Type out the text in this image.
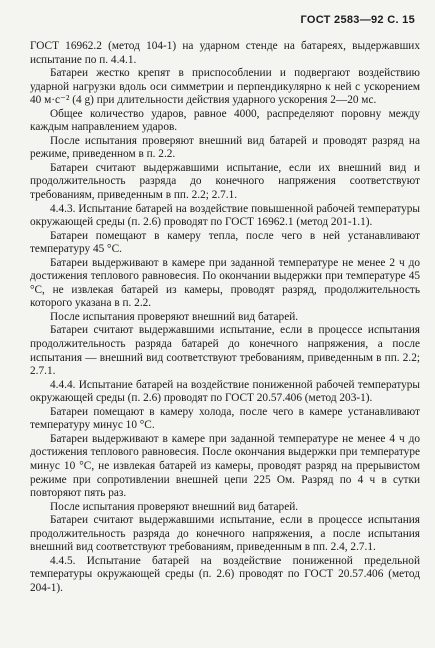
ГОСТ 2583—92 С. 15

ГОСТ 16962.2 (метод 104-1) на ударном стенде на батареях, выдержавших испытание по п. 4.4.1.

Батареи жестко крепят в приспособлении и подвергают воздействию ударной нагрузки вдоль оси симметрии и перпендикулярно к ней с ускорением 40 м·с⁻² (4 g) при длительности действия ударного ускорения 2—20 мс.

Общее количество ударов, равное 4000, распределяют поровну между каждым направлением ударов.

После испытания проверяют внешний вид батарей и проводят разряд на режиме, приведенном в п. 2.2.

Батареи считают выдержавшими испытание, если их внешний вид и продолжительность разряда до конечного напряжения соответствуют требованиям, приведенным в пп. 2.2; 2.7.1.

4.4.3. Испытание батарей на воздействие повышенной рабочей температуры окружающей среды (п. 2.6) проводят по ГОСТ 16962.1 (метод 201-1.1).

Батареи помещают в камеру тепла, после чего в ней устанавливают температуру 45 °С.

Батареи выдерживают в камере при заданной температуре не менее 2 ч до достижения теплового равновесия. По окончании выдержки при температуре 45 °С, не извлекая батарей из камеры, проводят разряд, продолжительность которого указана в п. 2.2.

После испытания проверяют внешний вид батарей.

Батареи считают выдержавшими испытание, если в процессе испытания продолжительность разряда батарей до конечного напряжения, а после испытания — внешний вид соответствуют требованиям, приведенным в пп. 2.2; 2.7.1.

4.4.4. Испытание батарей на воздействие пониженной рабочей температуры окружающей среды (п. 2.6) проводят по ГОСТ 20.57.406 (метод 203-1).

Батареи помещают в камеру холода, после чего в камере устанавливают температуру минус 10 °С.

Батареи выдерживают в камере при заданной температуре не менее 4 ч до достижения теплового равновесия. После окончания выдержки при температуре минус 10 °С, не извлекая батарей из камеры, проводят разряд на прерывистом режиме при сопротивлении внешней цепи 225 Ом. Разряд по 4 ч в сутки повторяют пять раз.

После испытания проверяют внешний вид батарей.

Батареи считают выдержавшими испытание, если в процессе испытания продолжительность разряда до конечного напряжения, а после испытания внешний вид соответствуют требованиям, приведенным в пп. 2.4, 2.7.1.

4.4.5. Испытание батарей на воздействие пониженной предельной температуры окружающей среды (п. 2.6) проводят по ГОСТ 20.57.406 (метод 204-1).
